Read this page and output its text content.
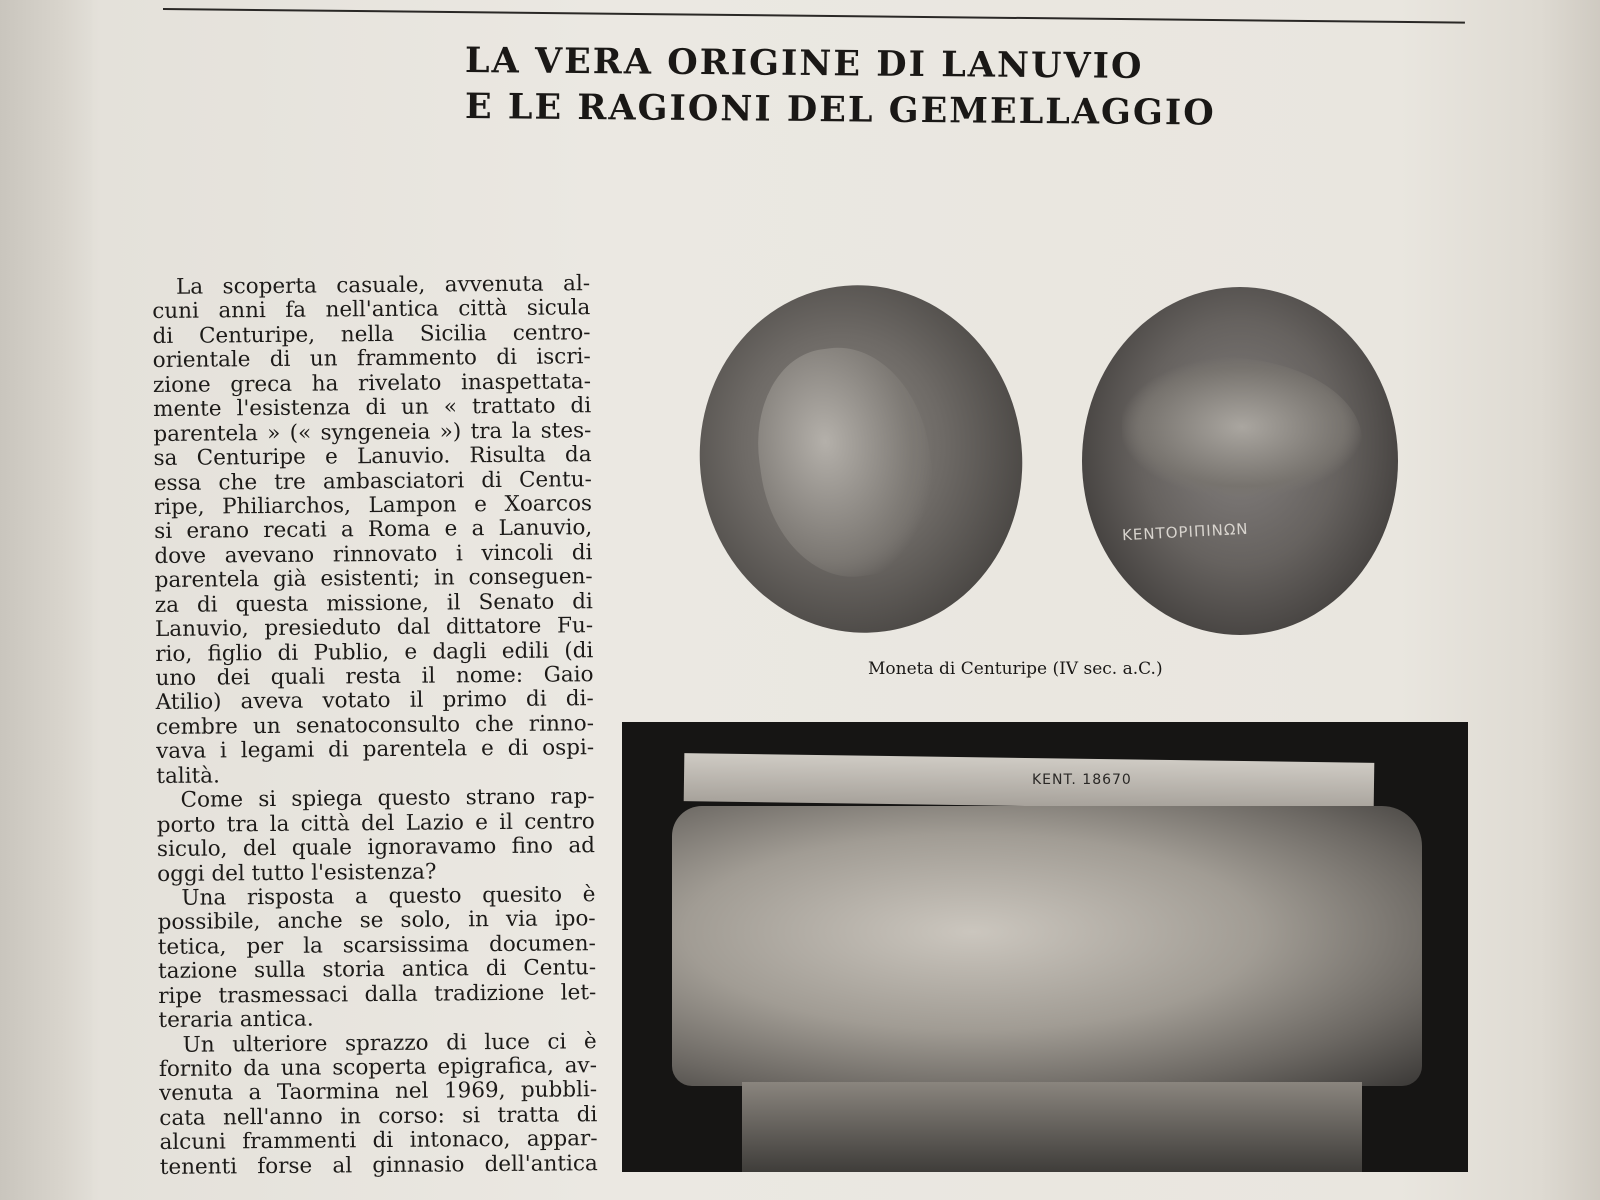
LA VERA ORIGINE DI LANUVIO
E LE RAGIONI DEL GEMELLAGGIO
La scoperta casuale, avvenuta al-
cuni anni fa nell'antica città sicula
di Centuripe, nella Sicilia centro-
orientale di un frammento di iscri-
zione greca ha rivelato inaspettata-
mente l'esistenza di un « trattato di
parentela » (« syngeneia ») tra la stes-
sa Centuripe e Lanuvio. Risulta da
essa che tre ambasciatori di Centu-
ripe, Philiarchos, Lampon e Xoarcos
si erano recati a Roma e a Lanuvio,
dove avevano rinnovato i vincoli di
parentela già esistenti; in conseguen-
za di questa missione, il Senato di
Lanuvio, presieduto dal dittatore Fu-
rio, figlio di Publio, e dagli edili (di
uno dei quali resta il nome: Gaio
Atilio) aveva votato il primo di di-
cembre un senatoconsulto che rinno-
vava i legami di parentela e di ospi-
talità.
Come si spiega questo strano rap-
porto tra la città del Lazio e il centro
siculo, del quale ignoravamo fino ad
oggi del tutto l'esistenza?
Una risposta a questo quesito è
possibile, anche se solo, in via ipo-
tetica, per la scarsissima documen-
tazione sulla storia antica di Centu-
ripe trasmessaci dalla tradizione let-
teraria antica.
Un ulteriore sprazzo di luce ci è
fornito da una scoperta epigrafica, av-
venuta a Taormina nel 1969, pubbli-
cata nell'anno in corso: si tratta di
alcuni frammenti di intonaco, appar-
tenenti forse al ginnasio dell'antica
ΚΕΝΤΟΡΙΠΙΝΩΝ
Moneta di Centuripe (IV sec. a.C.)
KENT. 18670
